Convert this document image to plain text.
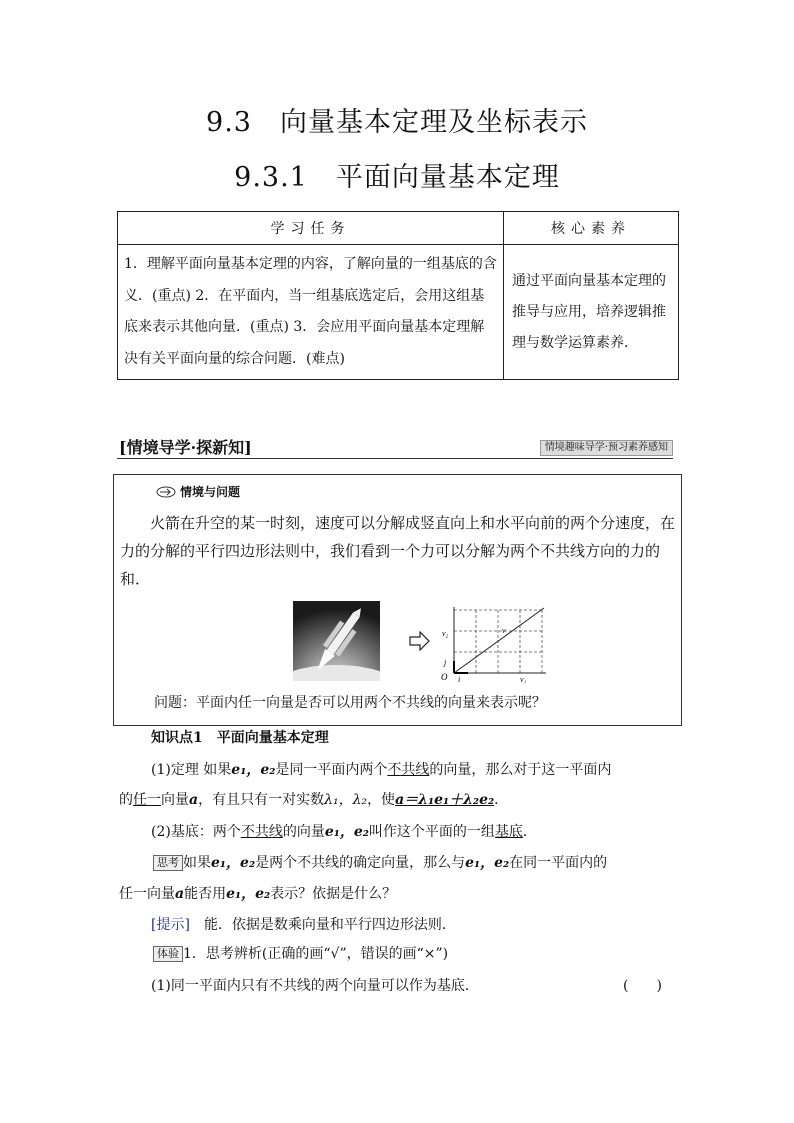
9.3　向量基本定理及坐标表示
9.3.1　平面向量基本定理
学习任务	核心素养
1．理解平面向量基本定理的内容，了解向量的一组基底的含义．(重点) 2．在平面内，当一组基底选定后，会用这组基底来表示其他向量．(重点) 3．会应用平面向量基本定理解决有关平面向量的综合问题．(难点)	通过平面向量基本定理的推导与应用，培养逻辑推理与数学运算素养．
[情境导学·探新知]	情境趣味导学·预习素养感知
情境与问题
火箭在升空的某一时刻，速度可以分解成竖直向上和水平向前的两个分速度，在力的分解的平行四边形法则中，我们看到一个力可以分解为两个不共线方向的力的和．
v₂	v
j
O i	v₁
问题：平面内任一向量是否可以用两个不共线的向量来表示呢？
知识点1　平面向量基本定理
(1)定理 如果e₁，e₂是同一平面内两个不共线的向量，那么对于这一平面内
的任一向量a，有且只有一对实数λ₁，λ₂，使a＝λ₁e₁＋λ₂e₂．
(2)基底：两个不共线的向量e₁，e₂叫作这个平面的一组基底．
思考 如果e₁，e₂是两个不共线的确定向量，那么与e₁，e₂在同一平面内的
任一向量a能否用e₁，e₂表示？依据是什么？
[提示]　 能．依据是数乘向量和平行四边形法则．
体验 1．思考辨析(正确的画“√”，错误的画“×”)
(1)同一平面内只有不共线的两个向量可以作为基底．	(　　)
